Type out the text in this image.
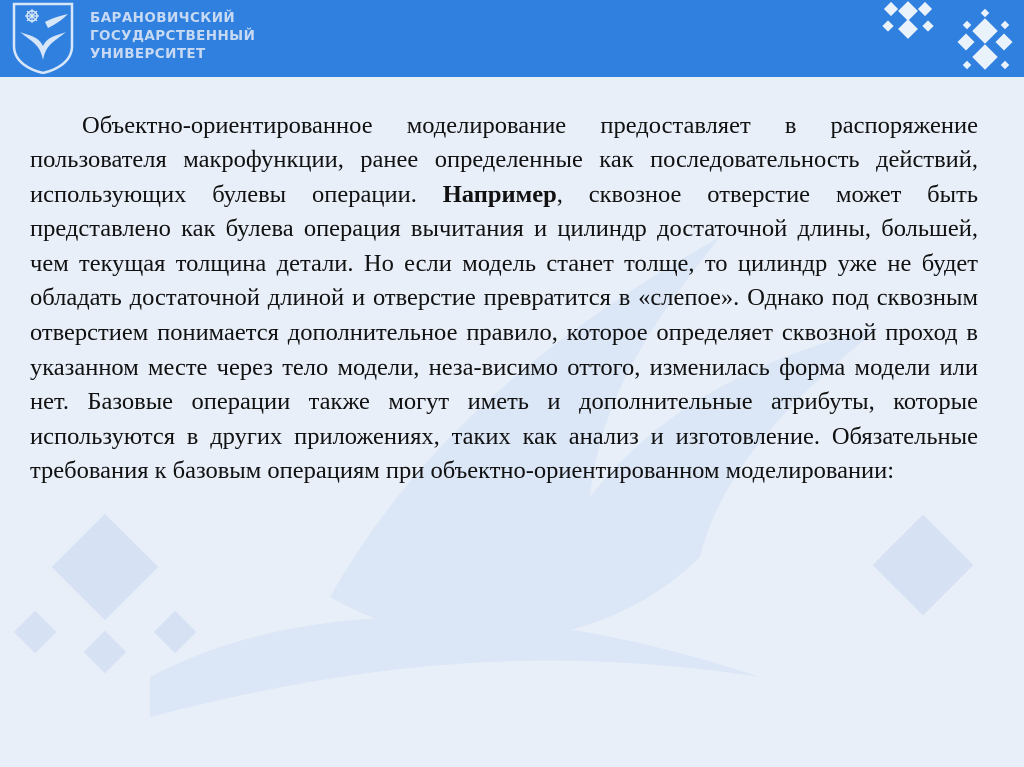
БАРАНОВИЧСКИЙ
ГОСУДАРСТВЕННЫЙ
УНИВЕРСИТЕТ

Объектно-ориентированное моделирование предоставляет в распоряжение пользователя макрофункции, ранее определенные как последовательность действий, использующих булевы операции. Например, сквозное отверстие может быть представлено как булева операция вычитания и цилиндр достаточной длины, большей, чем текущая толщина детали. Но если модель станет толще, то цилиндр уже не будет обладать достаточной длиной и отверстие превратится в «слепое». Однако под сквозным отверстием понимается дополнительное правило, которое определяет сквозной проход в указанном месте через тело модели, неза-висимо оттого, изменилась форма модели или нет. Базовые операции также могут иметь и дополнительные атрибуты, которые используются в других приложениях, таких как анализ и изготовление. Обязательные требования к базовым операциям при объектно-ориентированном моделировании:
